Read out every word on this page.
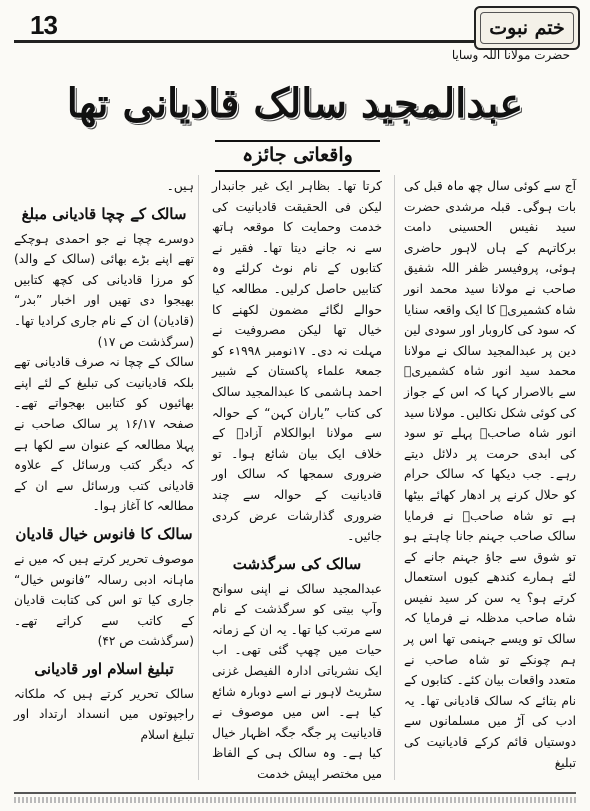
13	ختم نبوت
حضرت مولانا اللہ وسایا
عبدالمجید سالک قادیانی تھا
واقعاتی جائزہ

آج سے کوئی سال چھ ماہ قبل کی بات ہوگی۔ قبلہ مرشدی حضرت سید نفیس الحسینی دامت برکاتہم کے ہاں لاہور حاضری ہوئی، پروفیسر ظفر اللہ شفیق صاحب نے مولانا سید محمد انور شاہ کشمیریؒ کا ایک واقعہ سنایا کہ سود کی کاروبار اور سودی لین دین پر عبدالمجید سالک نے مولانا محمد سید انور شاہ کشمیریؒ سے بالاصرار کہا کہ اس کے جواز کی کوئی شکل نکالیں۔ مولانا سید انور شاہ صاحبؒ پہلے تو سود کی ابدی حرمت پر دلائل دیتے رہے۔ جب دیکھا کہ سالک حرام کو حلال کرنے پر ادھار کھائے بیٹھا ہے تو شاہ صاحبؒ نے فرمایا سالک صاحب جہنم جانا چاہتے ہو تو شوق سے جاؤ جہنم جانے کے لئے ہمارے کندھے کیوں استعمال کرتے ہو؟ یہ سن کر سید نفیس شاہ صاحب مدظلہ نے فرمایا کہ سالک تو ویسے جہنمی تھا اس پر ہم چونکے تو شاہ صاحب نے متعدد واقعات بیان کئے۔ کتابوں کے نام بتائے کہ سالک قادیانی تھا۔ یہ ادب کی آڑ میں مسلمانوں سے دوستیاں قائم کرکے قادیانیت کی تبلیغ

کرتا تھا۔ بظاہر ایک غیر جانبدار لیکن فی الحقیقت قادیانیت کی خدمت وحمایت کا موقعہ ہاتھ سے نہ جانے دیتا تھا۔ فقیر نے کتابوں کے نام نوٹ کرلئے وہ کتابیں حاصل کرلیں۔ مطالعہ کیا حوالے لگائے مضمون لکھنے کا خیال تھا لیکن مصروفیت نے مہلت نہ دی۔ ۱۷نومبر ۱۹۹۸ء کو جمعۃ علماء پاکستان کے شبیر احمد ہاشمی کا عبدالمجید سالک کی کتاب ”یاران کہن“ کے حوالہ سے مولانا ابوالکلام آزادؒ کے خلاف ایک بیان شائع ہوا۔ تو ضروری سمجھا کہ سالک اور قادیانیت کے حوالہ سے چند ضروری گذارشات عرض کردی جائیں۔

سالک کی سرگذشت

عبدالمجید سالک نے اپنی سوانح وآپ بیتی کو سرگذشت کے نام سے مرتب کیا تھا۔ یہ ان کے زمانہ حیات میں چھپ گئی تھی۔ اب ایک نشریاتی ادارہ الفیصل غزنی سٹریٹ لاہور نے اسے دوبارہ شائع کیا ہے۔ اس میں موصوف نے قادیانیت پر جگہ جگہ اظہار خیال کیا ہے۔ وہ سالک ہی کے الفاظ میں مختصر اپیش خدمت

ہیں۔

سالک کے چچا قادیانی مبلغ

دوسرے چچا نے جو احمدی ہوچکے تھے اپنے بڑے بھائی (سالک کے والد) کو مرزا قادیانی کی کچھ کتابیں بھیجوا دی تھیں اور اخبار ”بدر“ (قادیان) ان کے نام جاری کرادیا تھا۔ (سرگذشت ص ۱۷)

سالک کے چچا نہ صرف قادیانی تھے بلکہ قادیانیت کی تبلیغ کے لئے اپنے بھائیوں کو کتابیں بھجواتے تھے۔ صفحہ ۱۶/۱۷ پر سالک صاحب نے پہلا مطالعہ کے عنوان سے لکھا ہے کہ دیگر کتب ورسائل کے علاوہ قادیانی کتب ورسائل سے ان کے مطالعہ کا آغاز ہوا۔

سالک کا فانوس خیال قادیان

موصوف تحریر کرتے ہیں کہ میں نے ماہانہ ادبی رسالہ ”فانوس خیال“ جاری کیا تو اس کی کتابت قادیان کے کاتب سے کراتے تھے۔ (سرگذشت ص ۴۲)

تبلیغ اسلام اور قادیانی

سالک تحریر کرتے ہیں کہ ملکانہ راجپوتوں میں انسداد ارتداد اور تبلیغ اسلام
